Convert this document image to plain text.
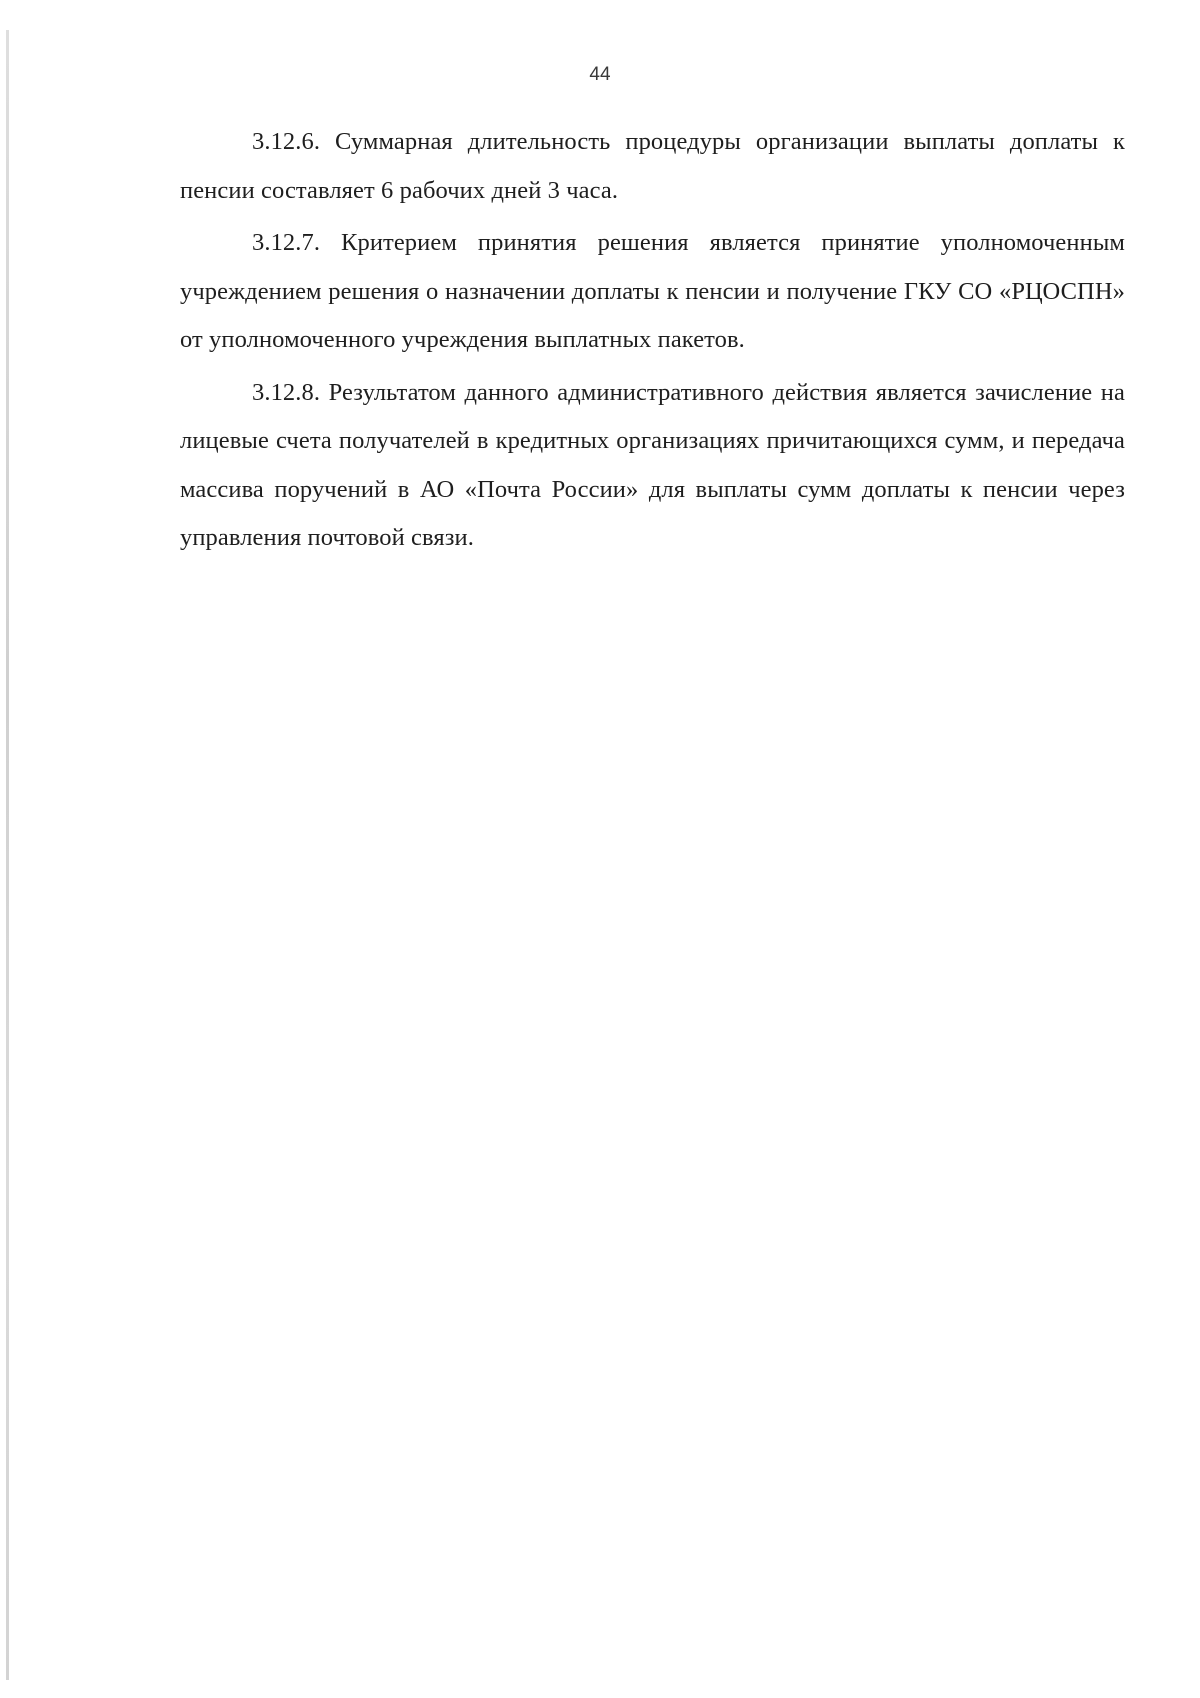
44

3.12.6. Суммарная длительность процедуры организации выплаты доплаты к пенсии составляет 6 рабочих дней 3 часа.

3.12.7. Критерием принятия решения является принятие уполномоченным учреждением решения о назначении доплаты к пенсии и получение ГКУ СО «РЦОСПН» от уполномоченного учреждения выплатных пакетов.

3.12.8. Результатом данного административного действия является зачисление на лицевые счета получателей в кредитных организациях причитающихся сумм, и передача массива поручений в АО «Почта России» для выплаты сумм доплаты к пенсии через управления почтовой связи.
